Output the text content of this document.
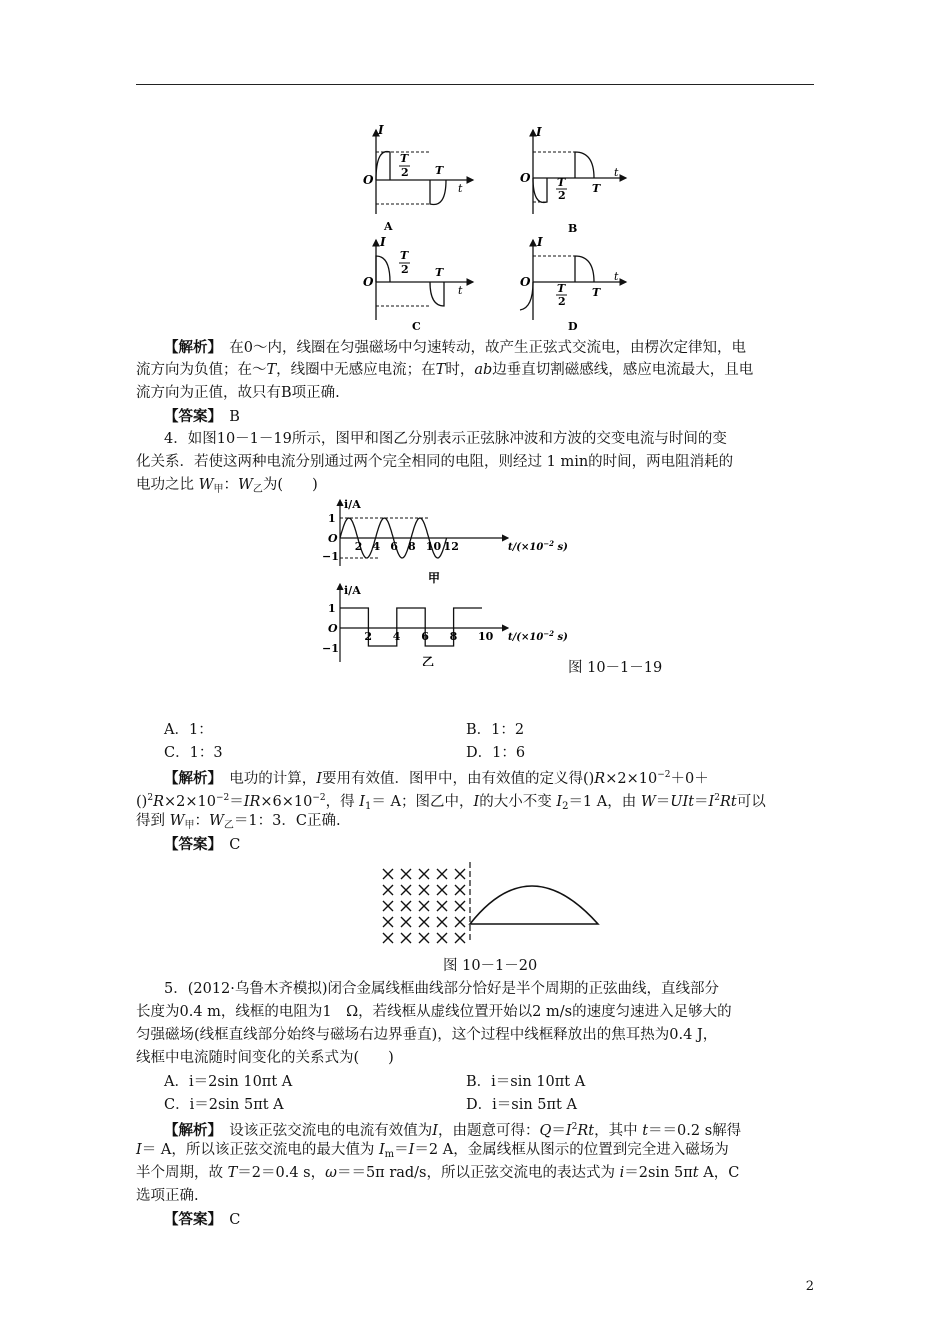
I
O
T
2 T
t
A
I
O T
2
T
t
B
I
O
T
2 T
t
C
I
O T
2
T
t
D
【解析】　 在0～内，线圈在匀强磁场中匀速转动，故产生正弦式交流电，由楞次定律知，电
流方向为负值；在～T，线圈中无感应电流；在T时，ab边垂直切割磁感线，感应电流最大，且电
流方向为正值，故只有B项正确.
【答案】　 B
4．如图10－1－19所示，图甲和图乙分别表示正弦脉冲波和方波的交变电流与时间的变
化关系．若使这两种电流分别通过两个完全相同的电阻，则经过 1 min的时间，两电阻消耗的
电功之比 $W_甲$：$W_乙$为(　　)
i/A
1
O
−1
2 4 6 8 10 12	$t/(\times 10^{-2}$ s)
甲
i/A
1
O
−1
2 4 6 8 10 $t/(\times 10^{-2}$ s)
乙	图 10－1－19
A．1：	B．1：2
C．1：3	D．1：6
【解析】　 电功的计算，I要用有效值．图甲中，由有效值的定义得$()R\times 2\times 10^{-2}+0+$
$()^2R\times 2\times 10^{-2}=IR\times 6\times 10^{-2}$，得 $I_1= A$；图乙中，I的大小不变 $I_2=1$ A，由 $W=UIt=I^2Rt$可以
得到 $W_甲$：$W_乙=1$：3．C正确.
【答案】　 C
图 10－1－20
5．(2012·乌鲁木齐模拟)闭合金属线框曲线部分恰好是半个周期的正弦曲线，直线部分
长度为0.4 m，线框的电阻为1　Ω，若线框从虚线位置开始以2 m/s的速度匀速进入足够大的
匀强磁场(线框直线部分始终与磁场右边界垂直)，这个过程中线框释放出的焦耳热为0.4 J，
线框中电流随时间变化的关系式为(　　)
A．i＝2sin 10πt A	B．i＝sin 10πt A
C．i＝2sin 5πt A	D．i＝sin 5πt A
【解析】　 设该正弦交流电的电流有效值为I，由题意可得：$Q=I^2Rt$，其中 t＝＝0.2 s解得
I＝ A，所以该正弦交流电的最大值为 $I_m=I=2$ A，金属线框从图示的位置到完全进入磁场为
半个周期，故 T＝2＝0.4 s，ω＝＝5π rad/s，所以正弦交流电的表达式为 i＝2sin 5πt A，C
选项正确.
【答案】　 C
2
